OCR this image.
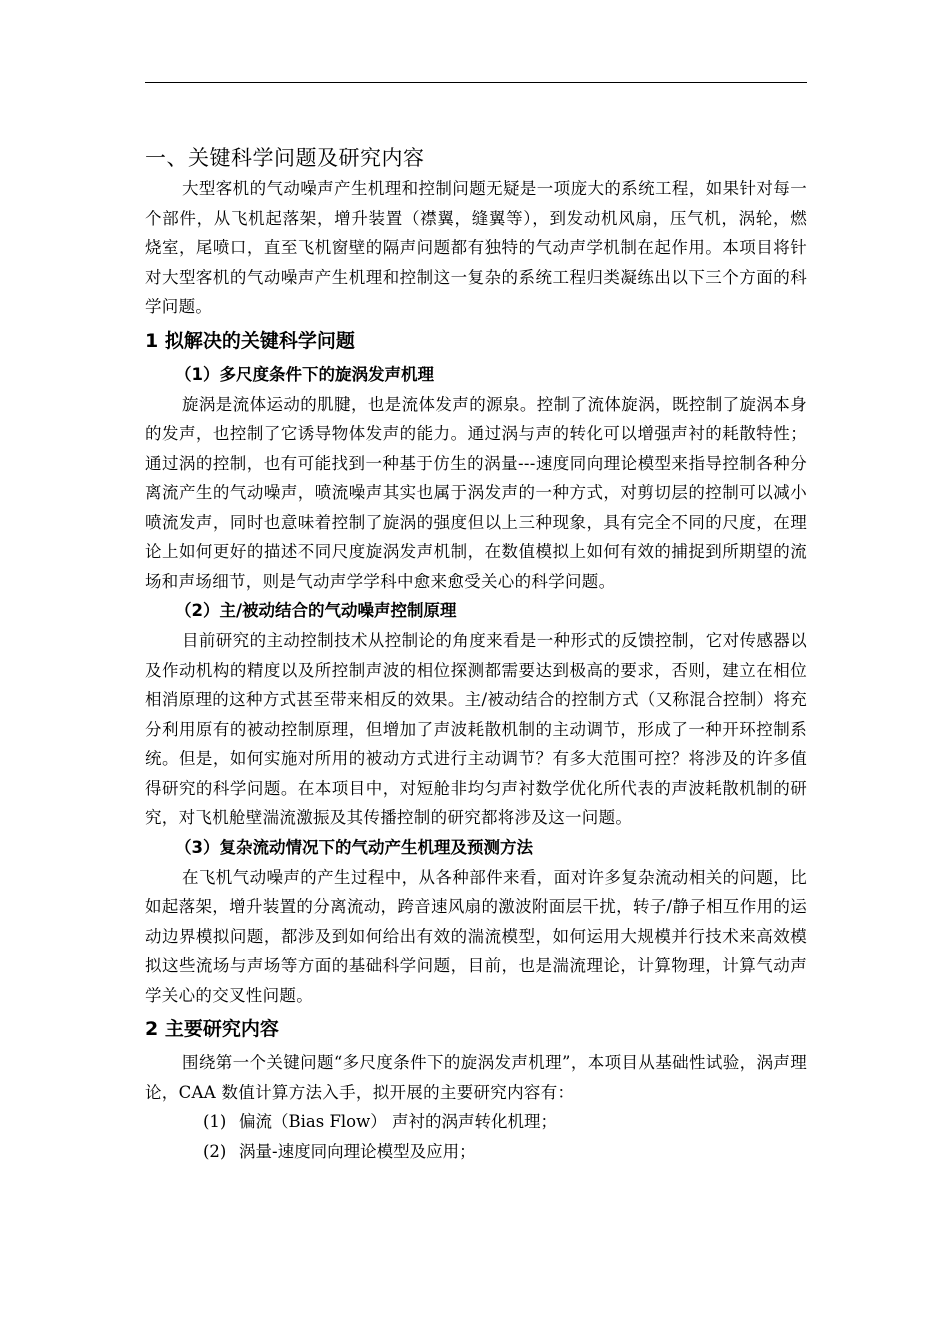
一、关键科学问题及研究内容

大型客机的气动噪声产生机理和控制问题无疑是一项庞大的系统工程，如果针对每一个部件，从飞机起落架，增升装置（襟翼，缝翼等），到发动机风扇，压气机，涡轮，燃烧室，尾喷口，直至飞机窗壁的隔声问题都有独特的气动声学机制在起作用。本项目将针对大型客机的气动噪声产生机理和控制这一复杂的系统工程归类凝练出以下三个方面的科学问题。

1 拟解决的关键科学问题
（1）多尺度条件下的旋涡发声机理

旋涡是流体运动的肌腱，也是流体发声的源泉。控制了流体旋涡，既控制了旋涡本身的发声，也控制了它诱导物体发声的能力。通过涡与声的转化可以增强声衬的耗散特性；通过涡的控制，也有可能找到一种基于仿生的涡量---速度同向理论模型来指导控制各种分离流产生的气动噪声，喷流噪声其实也属于涡发声的一种方式，对剪切层的控制可以减小喷流发声，同时也意味着控制了旋涡的强度但以上三种现象，具有完全不同的尺度，在理论上如何更好的描述不同尺度旋涡发声机制，在数值模拟上如何有效的捕捉到所期望的流场和声场细节，则是气动声学学科中愈来愈受关心的科学问题。

（2）主/被动结合的气动噪声控制原理

目前研究的主动控制技术从控制论的角度来看是一种形式的反馈控制，它对传感器以及作动机构的精度以及所控制声波的相位探测都需要达到极高的要求，否则，建立在相位相消原理的这种方式甚至带来相反的效果。主/被动结合的控制方式（又称混合控制）将充分利用原有的被动控制原理，但增加了声波耗散机制的主动调节，形成了一种开环控制系统。但是，如何实施对所用的被动方式进行主动调节？有多大范围可控？将涉及的许多值得研究的科学问题。在本项目中，对短舱非均匀声衬数学优化所代表的声波耗散机制的研究，对飞机舱壁湍流激振及其传播控制的研究都将涉及这一问题。

（3）复杂流动情况下的气动产生机理及预测方法

在飞机气动噪声的产生过程中，从各种部件来看，面对许多复杂流动相关的问题，比如起落架，增升装置的分离流动，跨音速风扇的激波附面层干扰，转子/静子相互作用的运动边界模拟问题，都涉及到如何给出有效的湍流模型，如何运用大规模并行技术来高效模拟这些流场与声场等方面的基础科学问题，目前，也是湍流理论，计算物理，计算气动声学关心的交叉性问题。

2 主要研究内容

围绕第一个关键问题“多尺度条件下的旋涡发声机理”，本项目从基础性试验，涡声理论，CAA 数值计算方法入手，拟开展的主要研究内容有：

(1) 偏流（Bias Flow） 声衬的涡声转化机理；

(2) 涡量-速度同向理论模型及应用；
